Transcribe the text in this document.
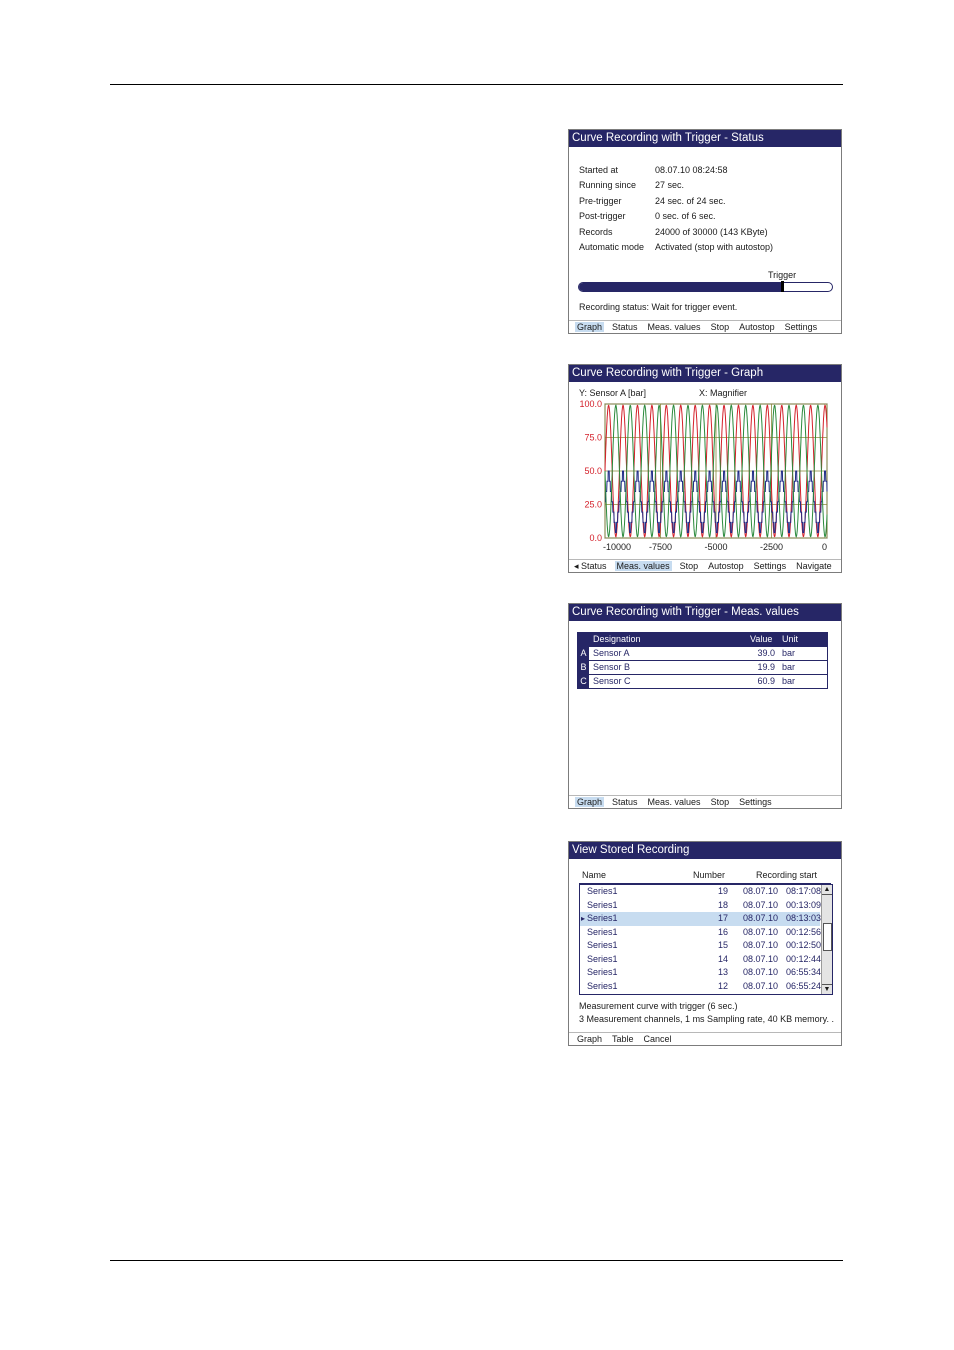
Curve Recording with Trigger - Status
Started at	08.07.10 08:24:58
Running since 27 sec.
Pre-trigger	24 sec. of 24 sec.
Post-trigger	0 sec. of 6 sec.
Records	24000 of 30000 (143 KByte)
Automatic mode Activated (stop with autostop)
Trigger
Recording status: Wait for trigger event.
Graph Status Meas. values Stop Autostop Settings
Curve Recording with Trigger - Graph
Y: Sensor A [bar]	X: Magnifier
100.0
75.0
50.0
25.0
0.0
-10000 -7500	-5000	-2500	0
◂ Status Meas. values Stop Autostop Settings Navigate
Curve Recording with Trigger - Meas. values
Designation	Value Unit
A Sensor A	39.0 bar
B Sensor B	19.9 bar
C Sensor C	60.9 bar
Graph Status Meas. values Stop Settings
View Stored Recording
Name	Number	Recording start
Series1	19 08.07.10 08:17:08
Series1	18 08.07.10 00:13:09
▸ Series1	17 08.07.10 08:13:03
Series1	16 08.07.10 00:12:56
Series1	15 08.07.10 00:12:50
Series1	14 08.07.10 00:12:44
Series1	13 08.07.10 06:55:34
Series1	12 08.07.10 06:55:24
▲
▼
Measurement curve with trigger (6 sec.)
3 Measurement channels, 1 ms Sampling rate, 40 KB memory. .
Graph Table Cancel
